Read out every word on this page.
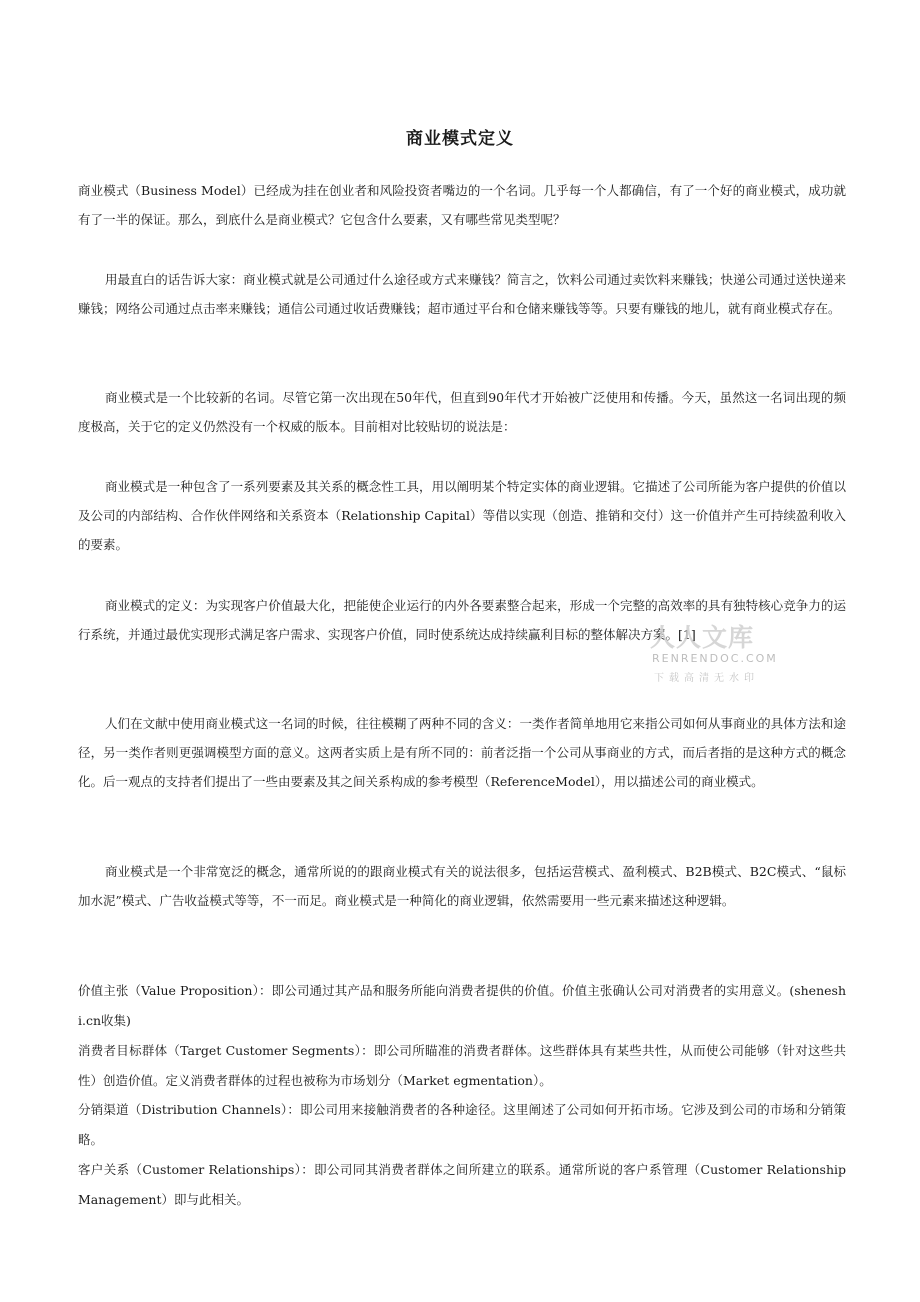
商业模式定义

商业模式（Business Model）已经成为挂在创业者和风险投资者嘴边的一个名词。几乎每一个人都确信，有了一个好的商业模式，成功就有了一半的保证。那么，到底什么是商业模式？它包含什么要素，又有哪些常见类型呢？

用最直白的话告诉大家：商业模式就是公司通过什么途径或方式来赚钱？简言之，饮料公司通过卖饮料来赚钱；快递公司通过送快递来赚钱；网络公司通过点击率来赚钱；通信公司通过收话费赚钱；超市通过平台和仓储来赚钱等等。只要有赚钱的地儿，就有商业模式存在。

商业模式是一个比较新的名词。尽管它第一次出现在50年代，但直到90年代才开始被广泛使用和传播。今天，虽然这一名词出现的频度极高，关于它的定义仍然没有一个权威的版本。目前相对比较贴切的说法是：

商业模式是一种包含了一系列要素及其关系的概念性工具，用以阐明某个特定实体的商业逻辑。它描述了公司所能为客户提供的价值以及公司的内部结构、合作伙伴网络和关系资本（Relationship Capital）等借以实现（创造、推销和交付）这一价值并产生可持续盈利收入的要素。

商业模式的定义：为实现客户价值最大化，把能使企业运行的内外各要素整合起来，形成一个完整的高效率的具有独特核心竞争力的运行系统，并通过最优实现形式满足客户需求、实现客户价值，同时使系统达成持续赢利目标的整体解决方案。[1]

人们在文献中使用商业模式这一名词的时候，往往模糊了两种不同的含义：一类作者简单地用它来指公司如何从事商业的具体方法和途径，另一类作者则更强调模型方面的意义。这两者实质上是有所不同的：前者泛指一个公司从事商业的方式，而后者指的是这种方式的概念化。后一观点的支持者们提出了一些由要素及其之间关系构成的参考模型（ReferenceModel），用以描述公司的商业模式。

商业模式是一个非常宽泛的概念，通常所说的的跟商业模式有关的说法很多，包括运营模式、盈利模式、B2B模式、B2C模式、“鼠标加水泥”模式、广告收益模式等等，不一而足。商业模式是一种简化的商业逻辑，依然需要用一些元素来描述这种逻辑。

价值主张（Value Proposition）：即公司通过其产品和服务所能向消费者提供的价值。价值主张确认公司对消费者的实用意义。(sheneshi.cn收集)

消费者目标群体（Target Customer Segments）：即公司所瞄准的消费者群体。这些群体具有某些共性，从而使公司能够（针对这些共性）创造价值。定义消费者群体的过程也被称为市场划分（Market egmentation）。

分销渠道（Distribution Channels）：即公司用来接触消费者的各种途径。这里阐述了公司如何开拓市场。它涉及到公司的市场和分销策略。

客户关系（Customer Relationships）：即公司同其消费者群体之间所建立的联系。通常所说的客户系管理（Customer Relationship Management）即与此相关。

人人文库
RENRENDOC.COM
下载高清无水印
